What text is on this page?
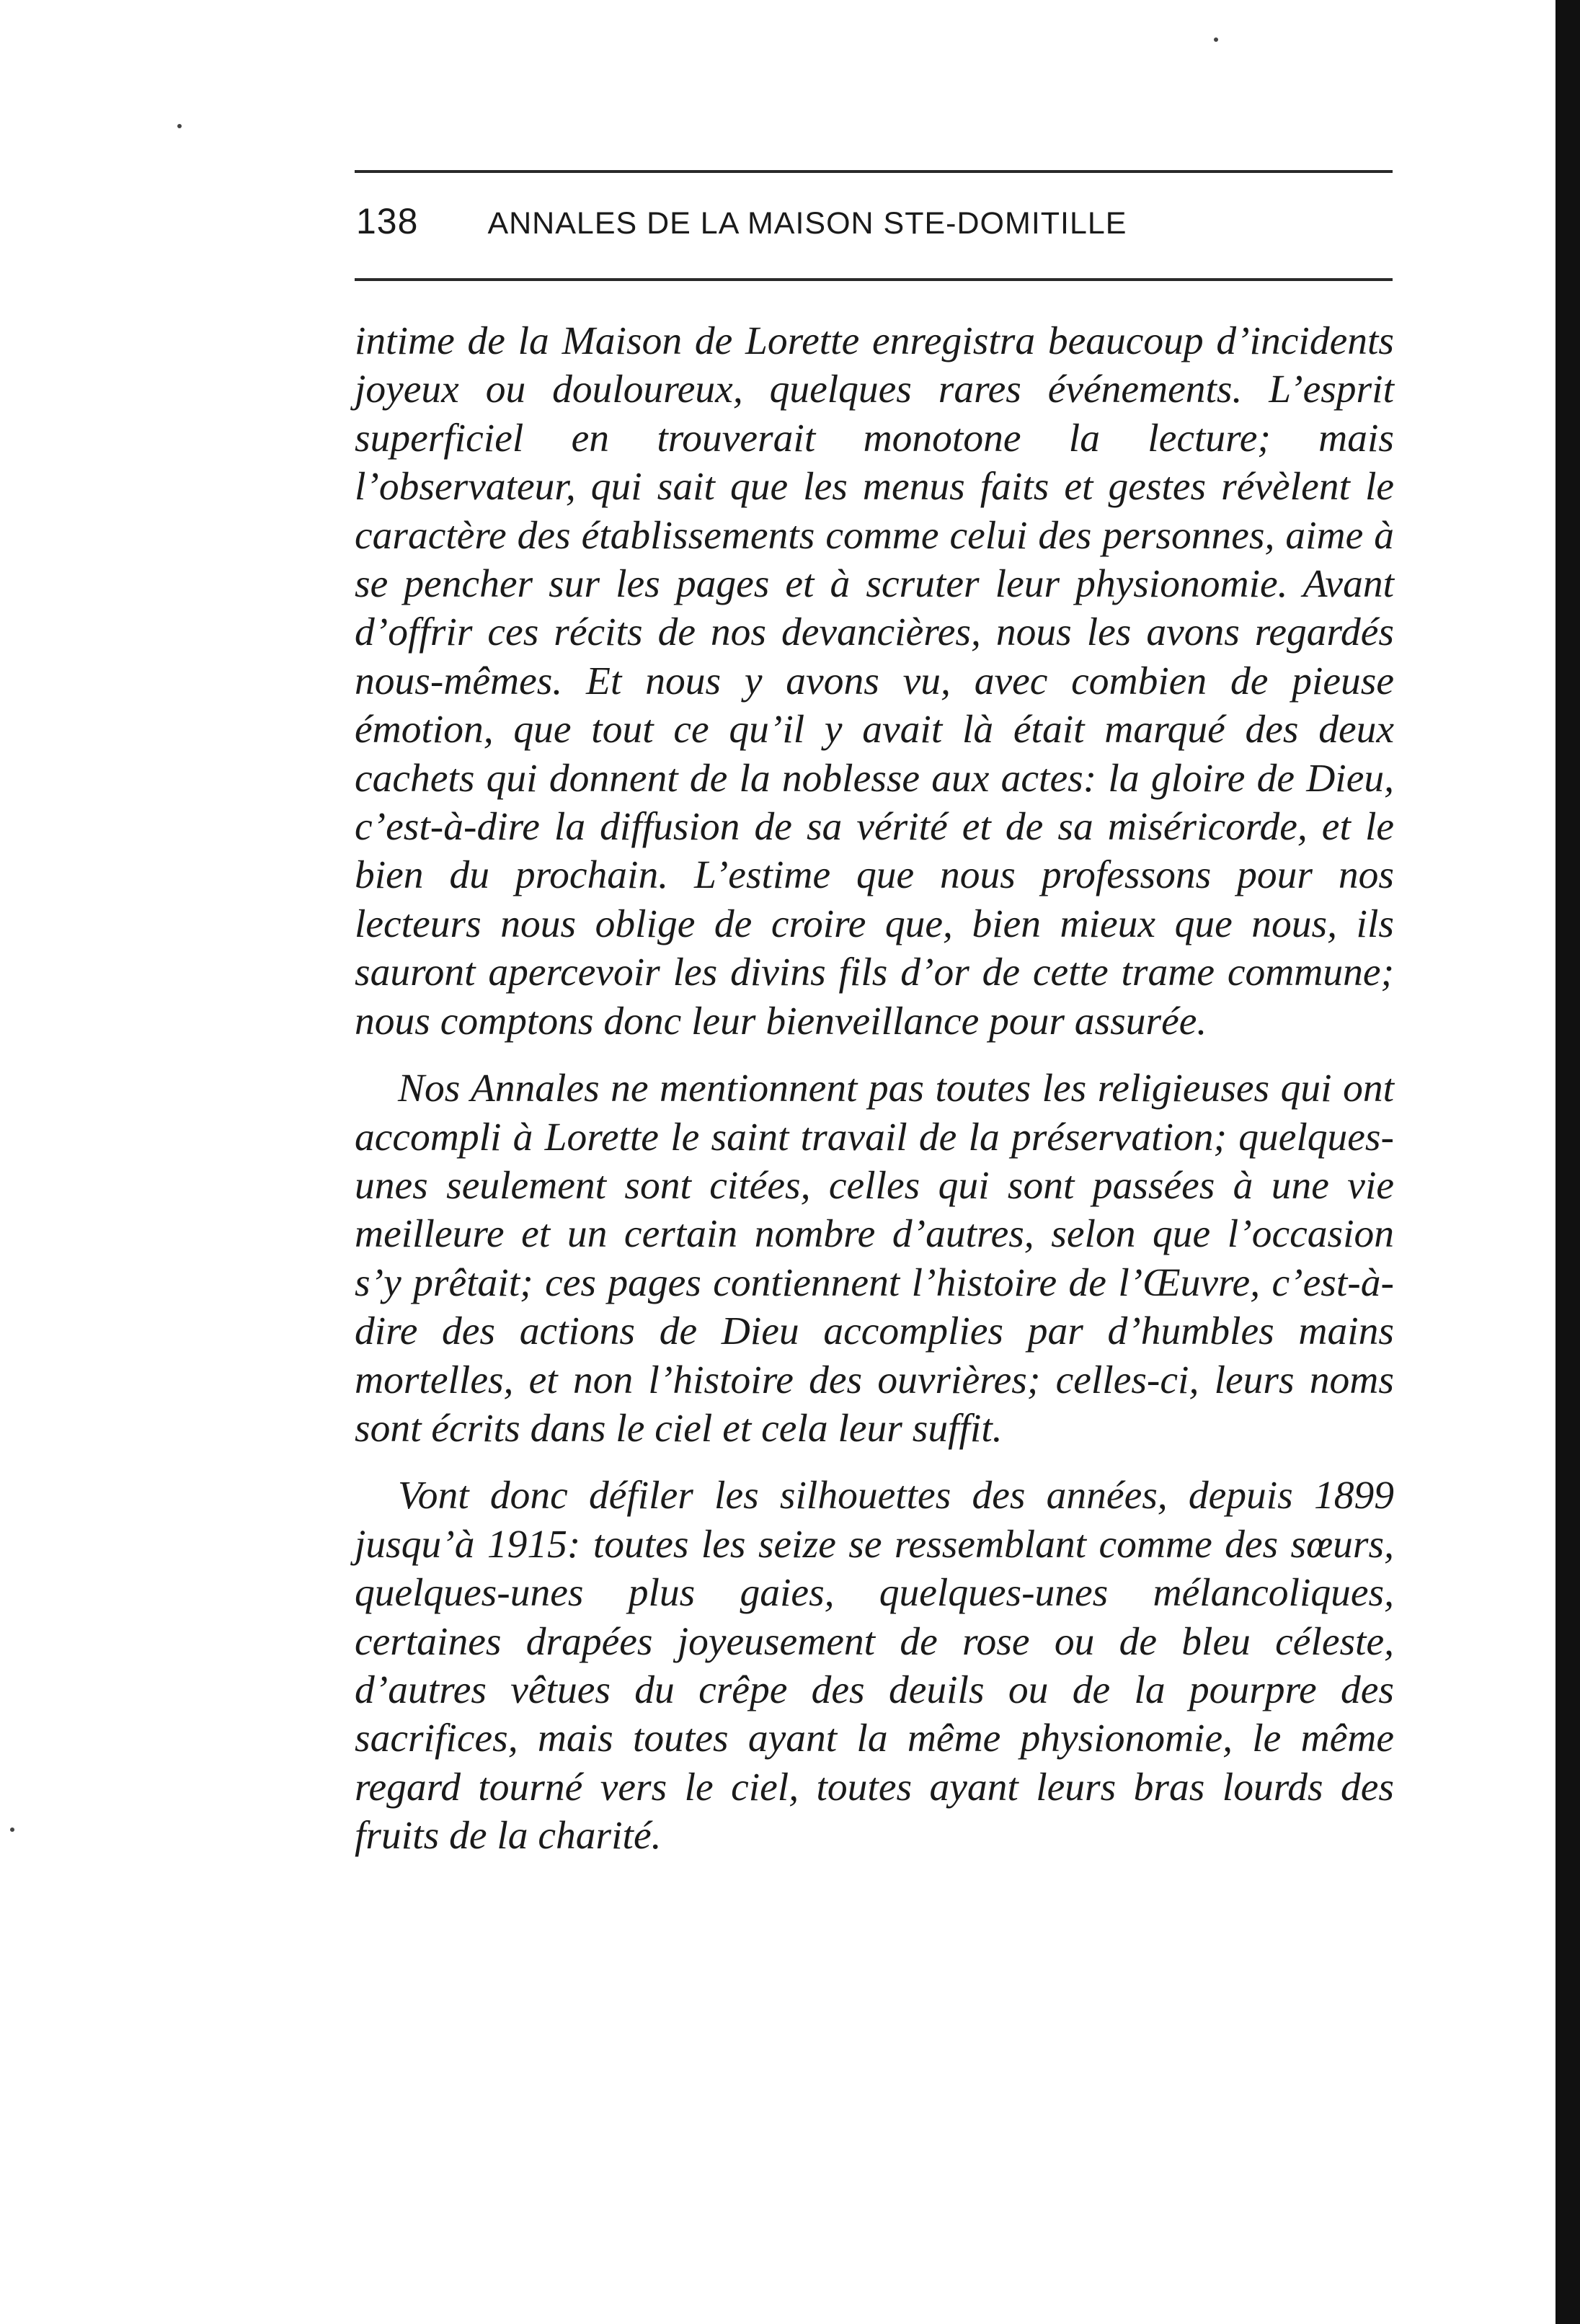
138 ANNALES DE LA MAISON STE-DOMITILLE

intime de la Maison de Lorette enregistra beaucoup d’incidents joyeux ou douloureux, quelques rares événements. L’esprit superficiel en trouverait monotone la lecture; mais l’observateur, qui sait que les menus faits et gestes révèlent le caractère des établissements comme celui des personnes, aime à se pencher sur les pages et à scruter leur physionomie. Avant d’offrir ces récits de nos devancières, nous les avons regardés nous-mêmes. Et nous y avons vu, avec combien de pieuse émotion, que tout ce qu’il y avait là était marqué des deux cachets qui donnent de la noblesse aux actes: la gloire de Dieu, c’est-à-dire la diffusion de sa vérité et de sa miséricorde, et le bien du prochain. L’estime que nous professons pour nos lecteurs nous oblige de croire que, bien mieux que nous, ils sauront apercevoir les divins fils d’or de cette trame commune; nous comptons donc leur bienveillance pour assurée.

Nos Annales ne mentionnent pas toutes les religieuses qui ont accompli à Lorette le saint travail de la préservation; quelques-unes seulement sont citées, celles qui sont passées à une vie meilleure et un certain nombre d’autres, selon que l’occasion s’y prêtait; ces pages contiennent l’histoire de l’Œuvre, c’est-à-dire des actions de Dieu accomplies par d’humbles mains mortelles, et non l’histoire des ouvrières; celles-ci, leurs noms sont écrits dans le ciel et cela leur suffit.

Vont donc défiler les silhouettes des années, depuis 1899 jusqu’à 1915: toutes les seize se ressemblant comme des sœurs, quelques-unes plus gaies, quelques-unes mélancoliques, certaines drapées joyeusement de rose ou de bleu céleste, d’autres vêtues du crêpe des deuils ou de la pourpre des sacrifices, mais toutes ayant la même physionomie, le même regard tourné vers le ciel, toutes ayant leurs bras lourds des fruits de la charité.
